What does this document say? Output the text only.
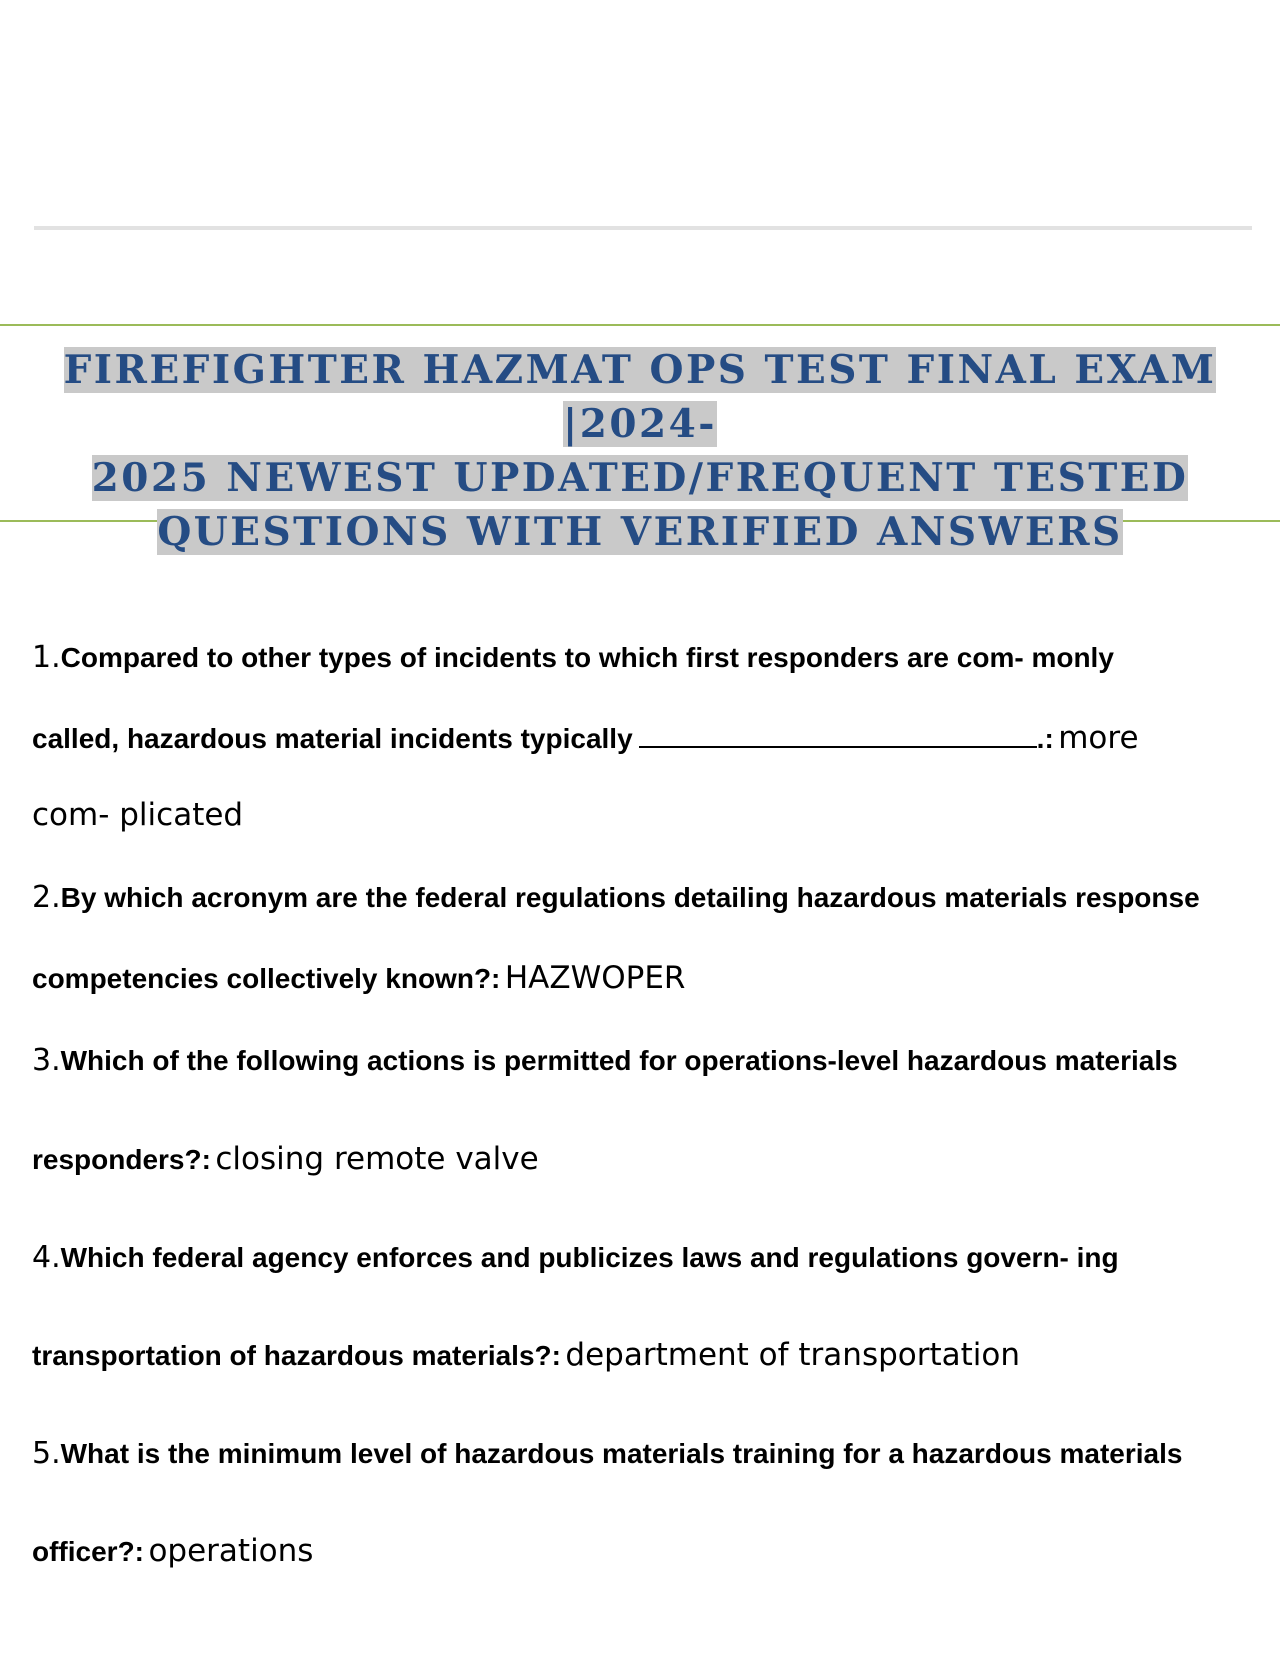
FIREFIGHTER HAZMAT OPS TEST FINAL EXAM |2024-
2025 NEWEST UPDATED/FREQUENT TESTED
QUESTIONS WITH VERIFIED ANSWERS
1.Compared to other types of incidents to which first responders are com- monly
called, hazardous material incidents typically	.: more
com- plicated
2.By which acronym are the federal regulations detailing hazardous materials response
competencies collectively known?: HAZWOPER
3.Which of the following actions is permitted for operations-level hazardous materials
responders?: closing remote valve
4.Which federal agency enforces and publicizes laws and regulations govern- ing
transportation of hazardous materials?: department of transportation
5.What is the minimum level of hazardous materials training for a hazardous materials
officer?: operations
